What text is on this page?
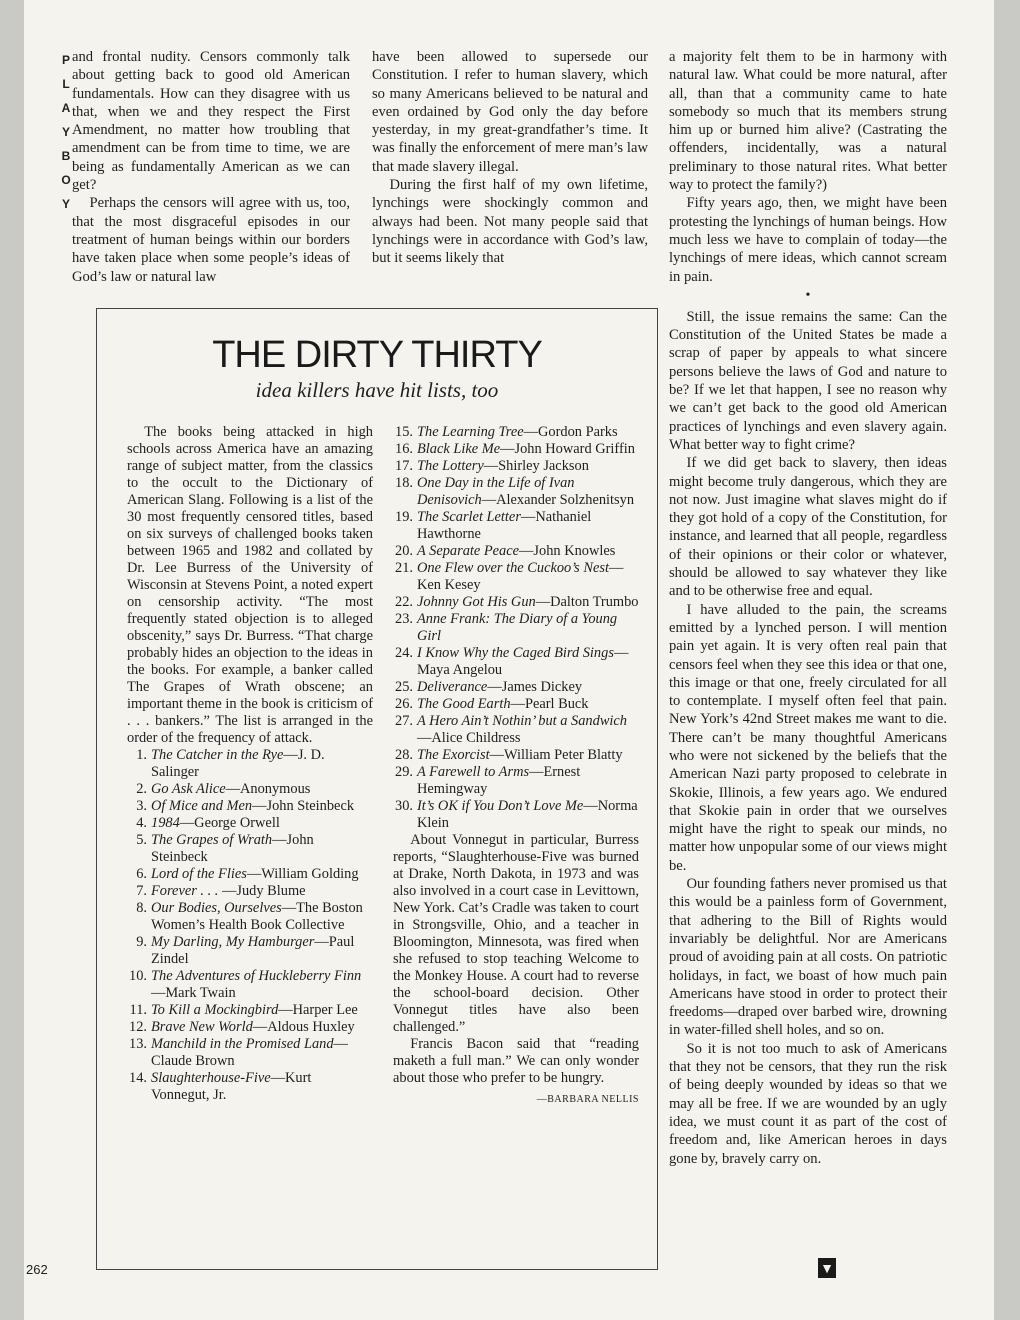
P
L
A
Y
B
O
Y

and frontal nudity. Censors commonly talk about getting back to good old American fundamentals. How can they disagree with us that, when we and they respect the First Amendment, no matter how troubling that amendment can be from time to time, we are being as fundamentally American as we can get?

Perhaps the censors will agree with us, too, that the most disgraceful episodes in our treatment of human beings within our borders have taken place when some people’s ideas of God’s law or natural law

have been allowed to supersede our Constitution. I refer to human slavery, which so many Americans believed to be natural and even ordained by God only the day before yesterday, in my great-grandfather’s time. It was finally the enforcement of mere man’s law that made slavery illegal.

During the first half of my own lifetime, lynchings were shockingly common and always had been. Not many people said that lynchings were in accordance with God’s law, but it seems likely that

a majority felt them to be in harmony with natural law. What could be more natural, after all, than that a community came to hate somebody so much that its members strung him up or burned him alive? (Castrating the offenders, incidentally, was a natural preliminary to those natural rites. What better way to protect the family?)

Fifty years ago, then, we might have been protesting the lynchings of human beings. How much less we have to complain of today—the lynchings of mere ideas, which cannot scream in pain.

•

Still, the issue remains the same: Can the Constitution of the United States be made a scrap of paper by appeals to what sincere persons believe the laws of God and nature to be? If we let that happen, I see no reason why we can’t get back to the good old American practices of lynchings and even slavery again. What better way to fight crime?

If we did get back to slavery, then ideas might become truly dangerous, which they are not now. Just imagine what slaves might do if they got hold of a copy of the Constitution, for instance, and learned that all people, regardless of their opinions or their color or whatever, should be allowed to say whatever they like and to be otherwise free and equal.

I have alluded to the pain, the screams emitted by a lynched person. I will mention pain yet again. It is very often real pain that censors feel when they see this idea or that one, this image or that one, freely circulated for all to contemplate. I myself often feel that pain. New York’s 42nd Street makes me want to die. There can’t be many thoughtful Americans who were not sickened by the beliefs that the American Nazi party proposed to celebrate in Skokie, Illinois, a few years ago. We endured that Skokie pain in order that we ourselves might have the right to speak our minds, no matter how unpopular some of our views might be.

Our founding fathers never promised us that this would be a painless form of Government, that adhering to the Bill of Rights would invariably be delightful. Nor are Americans proud of avoiding pain at all costs. On patriotic holidays, in fact, we boast of how much pain Americans have stood in order to protect their freedoms—draped over barbed wire, drowning in water-filled shell holes, and so on.

So it is not too much to ask of Americans that they not be censors, that they run the risk of being deeply wounded by ideas so that we may all be free. If we are wounded by an ugly idea, we must count it as part of the cost of freedom and, like American heroes in days gone by, bravely carry on.

THE DIRTY THIRTY
idea killers have hit lists, too

The books being attacked in high schools across America have an amazing range of subject matter, from the classics to the occult to the Dictionary of American Slang. Following is a list of the 30 most frequently censored titles, based on six surveys of challenged books taken between 1965 and 1982 and collated by Dr. Lee Burress of the University of Wisconsin at Stevens Point, a noted expert on censorship activity. “The most frequently stated objection is to alleged obscenity,” says Dr. Burress. “That charge probably hides an objection to the ideas in the books. For example, a banker called The Grapes of Wrath obscene; an important theme in the book is criticism of . . . bankers.” The list is arranged in the order of the frequency of attack.

1. The Catcher in the Rye—J. D. Salinger
2. Go Ask Alice—Anonymous
3. Of Mice and Men—John Steinbeck
4. 1984—George Orwell
5. The Grapes of Wrath—John Steinbeck
6. Lord of the Flies—William Golding
7. Forever . . . —Judy Blume
8. Our Bodies, Ourselves—The Boston Women’s Health Book Collective
9. My Darling, My Hamburger—Paul Zindel
10. The Adventures of Huckleberry Finn—Mark Twain
11. To Kill a Mockingbird—Harper Lee
12. Brave New World—Aldous Huxley
13. Manchild in the Promised Land—Claude Brown
14. Slaughterhouse-Five—Kurt Vonnegut, Jr.
15. The Learning Tree—Gordon Parks
16. Black Like Me—John Howard Griffin
17. The Lottery—Shirley Jackson
18. One Day in the Life of Ivan Denisovich—Alexander Solzhenitsyn
19. The Scarlet Letter—Nathaniel Hawthorne
20. A Separate Peace—John Knowles
21. One Flew over the Cuckoo’s Nest—Ken Kesey
22. Johnny Got His Gun—Dalton Trumbo
23. Anne Frank: The Diary of a Young Girl
24. I Know Why the Caged Bird Sings—Maya Angelou
25. Deliverance—James Dickey
26. The Good Earth—Pearl Buck
27. A Hero Ain’t Nothin’ but a Sandwich—Alice Childress
28. The Exorcist—William Peter Blatty
29. A Farewell to Arms—Ernest Hemingway
30. It’s OK if You Don’t Love Me—Norma Klein

About Vonnegut in particular, Burress reports, “Slaughterhouse-Five was burned at Drake, North Dakota, in 1973 and was also involved in a court case in Levittown, New York. Cat’s Cradle was taken to court in Strongsville, Ohio, and a teacher in Bloomington, Minnesota, was fired when she refused to stop teaching Welcome to the Monkey House. A court had to reverse the school-board decision. Other Vonnegut titles have also been challenged.”

Francis Bacon said that “reading maketh a full man.” We can only wonder about those who prefer to be hungry.
—BARBARA NELLIS

262	▼
